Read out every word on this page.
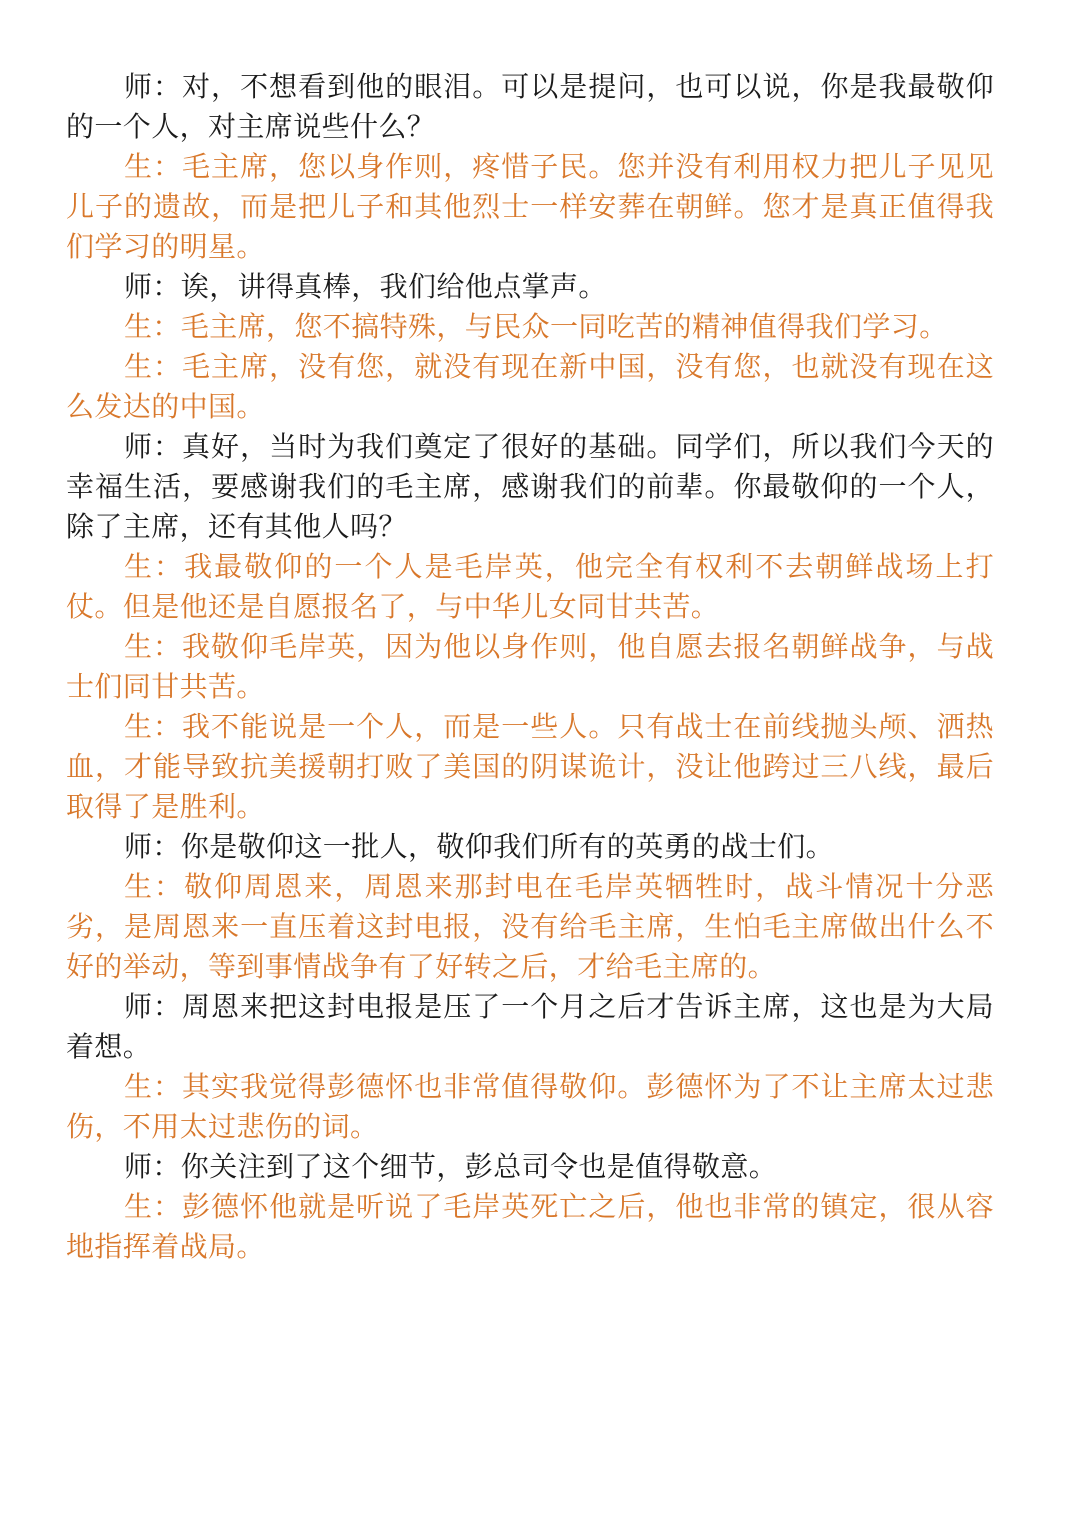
师：对，不想看到他的眼泪。可以是提问，也可以说，你是我最敬仰的一个人，对主席说些什么？

生：毛主席，您以身作则，疼惜子民。您并没有利用权力把儿子见见儿子的遗故，而是把儿子和其他烈士一样安葬在朝鲜。您才是真正值得我们学习的明星。

师：诶，讲得真棒，我们给他点掌声。

生：毛主席，您不搞特殊，与民众一同吃苦的精神值得我们学习。

生：毛主席，没有您，就没有现在新中国，没有您，也就没有现在这么发达的中国。

师：真好，当时为我们奠定了很好的基础。同学们，所以我们今天的幸福生活，要感谢我们的毛主席，感谢我们的前辈。你最敬仰的一个人，除了主席，还有其他人吗？

生：我最敬仰的一个人是毛岸英，他完全有权利不去朝鲜战场上打仗。但是他还是自愿报名了，与中华儿女同甘共苦。

生：我敬仰毛岸英，因为他以身作则，他自愿去报名朝鲜战争，与战士们同甘共苦。

生：我不能说是一个人，而是一些人。只有战士在前线抛头颅、洒热血，才能导致抗美援朝打败了美国的阴谋诡计，没让他跨过三八线，最后取得了是胜利。

师：你是敬仰这一批人，敬仰我们所有的英勇的战士们。

生：敬仰周恩来，周恩来那封电在毛岸英牺牲时，战斗情况十分恶劣，是周恩来一直压着这封电报，没有给毛主席，生怕毛主席做出什么不好的举动，等到事情战争有了好转之后，才给毛主席的。

师：周恩来把这封电报是压了一个月之后才告诉主席，这也是为大局着想。

生：其实我觉得彭德怀也非常值得敬仰。彭德怀为了不让主席太过悲伤，不用太过悲伤的词。

师：你关注到了这个细节，彭总司令也是值得敬意。

生：彭德怀他就是听说了毛岸英死亡之后，他也非常的镇定，很从容地指挥着战局。
